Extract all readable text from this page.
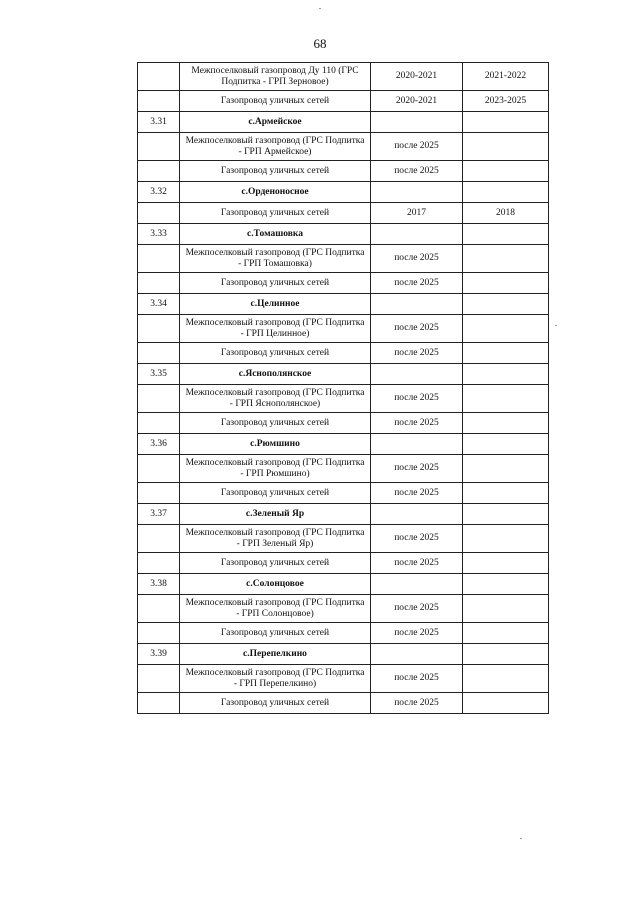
68
	Межпоселковый газопровод Ду 110 (ГРС Подпитка - ГРП Зерновое)	2020-2021	2021-2022
	Газопровод уличных сетей	2020-2021	2023-2025
3.31	с.Армейское		
	Межпоселковый газопровод (ГРС Подпитка - ГРП Армейское)	после 2025	
	Газопровод уличных сетей	после 2025	
3.32	с.Орденоносное		
	Газопровод уличных сетей	2017	2018
3.33	с.Томашовка		
	Межпоселковый газопровод (ГРС Подпитка - ГРП Томашовка)	после 2025	
	Газопровод уличных сетей	после 2025	
3.34	с.Целинное		
	Межпоселковый газопровод (ГРС Подпитка - ГРП Целинное)	после 2025	
	Газопровод уличных сетей	после 2025	
3.35	с.Яснополянское		
	Межпоселковый газопровод (ГРС Подпитка - ГРП Яснополянское)	после 2025	
	Газопровод уличных сетей	после 2025	
3.36	с.Рюмшино		
	Межпоселковый газопровод (ГРС Подпитка - ГРП Рюмшино)	после 2025	
	Газопровод уличных сетей	после 2025	
3.37	с.Зеленый Яр		
	Межпоселковый газопровод (ГРС Подпитка - ГРП Зеленый Яр)	после 2025	
	Газопровод уличных сетей	после 2025	
3.38	с.Солонцовое		
	Межпоселковый газопровод (ГРС Подпитка - ГРП Солонцовое)	после 2025	
	Газопровод уличных сетей	после 2025	
3.39	с.Перепелкино		
	Межпоселковый газопровод (ГРС Подпитка - ГРП Перепелкино)	после 2025	
	Газопровод уличных сетей	после 2025	
